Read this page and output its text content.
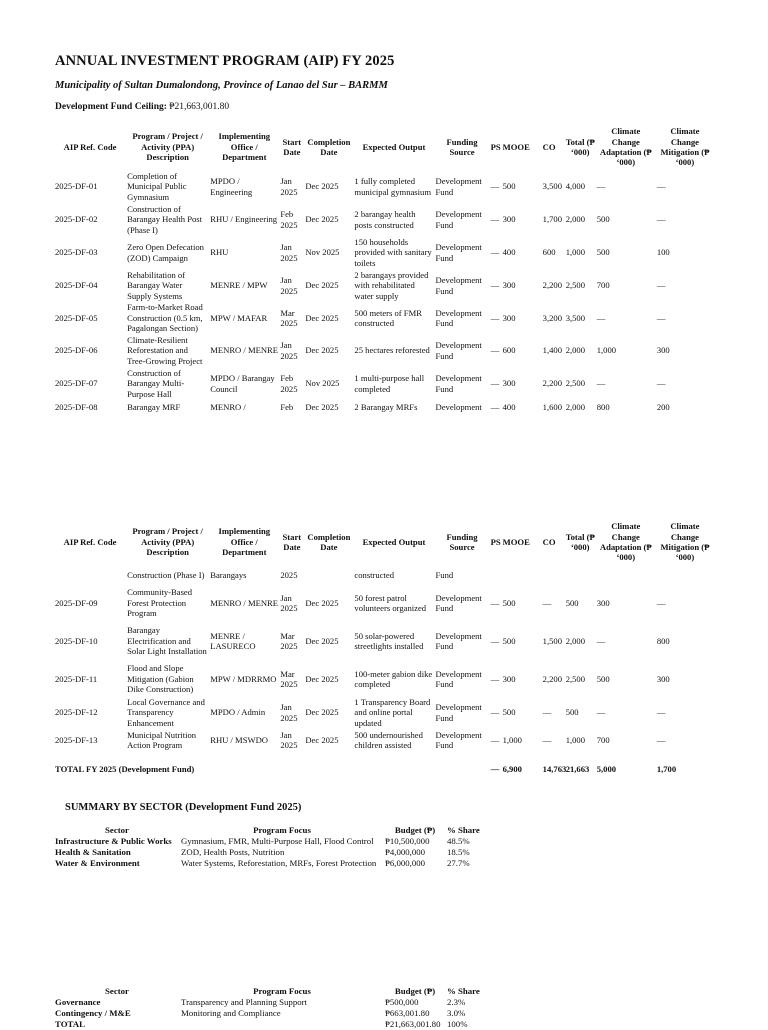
ANNUAL INVESTMENT PROGRAM (AIP) FY 2025

Municipality of Sultan Dumalondong, Province of Lanao del Sur – BARMM

Development Fund Ceiling: ₱21,663,001.80

AIP Ref. Code	Program / Project / Activity (PPA) Description	Implementing Office / Department	Start Date	Completion Date	Expected Output	Funding Source	PS	MOOE	CO	Total (₱ ‘000)	Climate Change Adaptation (₱ ‘000)	Climate Change Mitigation (₱ ‘000)
2025-DF-01	Completion of Municipal Public Gymnasium	MPDO / Engineering	Jan 2025	Dec 2025	1 fully completed municipal gymnasium	Development Fund	—	500	3,500	4,000	—	—
2025-DF-02	Construction of Barangay Health Post (Phase I)	RHU / Engineering	Feb 2025	Dec 2025	2 barangay health posts constructed	Development Fund	—	300	1,700	2,000	500	—
2025-DF-03	Zero Open Defecation (ZOD) Campaign	RHU	Jan 2025	Nov 2025	150 households provided with sanitary toilets	Development Fund	—	400	600	1,000	500	100
2025-DF-04	Rehabilitation of Barangay Water Supply Systems	MENRE / MPW	Jan 2025	Dec 2025	2 barangays provided with rehabilitated water supply	Development Fund	—	300	2,200	2,500	700	—
2025-DF-05	Farm-to-Market Road Construction (0.5 km, Pagalongan Section)	MPW / MAFAR	Mar 2025	Dec 2025	500 meters of FMR constructed	Development Fund	—	300	3,200	3,500	—	—
2025-DF-06	Climate-Resilient Reforestation and Tree-Growing Project	MENRO / MENRE	Jan 2025	Dec 2025	25 hectares reforested	Development Fund	—	600	1,400	2,000	1,000	300
2025-DF-07	Construction of Barangay Multi-Purpose Hall	MPDO / Barangay Council	Feb 2025	Nov 2025	1 multi-purpose hall completed	Development Fund	—	300	2,200	2,500	—	—
2025-DF-08	Barangay MRF	MENRO /	Feb	Dec 2025	2 Barangay MRFs	Development	—	400	1,600	2,000	800	200
AIP Ref. Code	Program / Project / Activity (PPA) Description	Implementing Office / Department	Start Date	Completion Date	Expected Output	Funding Source	PS	MOOE	CO	Total (₱ ‘000)	Climate Change Adaptation (₱ ‘000)	Climate Change Mitigation (₱ ‘000)
	Construction (Phase I)	Barangays	2025		constructed	Fund						
2025-DF-09	Community-Based Forest Protection Program	MENRO / MENRE	Jan 2025	Dec 2025	50 forest patrol volunteers organized	Development Fund	—	500	—	500	300	—
2025-DF-10	Barangay Electrification and Solar Light Installation	MENRE / LASURECO	Mar 2025	Dec 2025	50 solar-powered streetlights installed	Development Fund	—	500	1,500	2,000	—	800
2025-DF-11	Flood and Slope Mitigation (Gabion Dike Construction)	MPW / MDRRMO	Mar 2025	Dec 2025	100-meter gabion dike completed	Development Fund	—	300	2,200	2,500	500	300
2025-DF-12	Local Governance and Transparency Enhancement	MPDO / Admin	Jan 2025	Dec 2025	1 Transparency Board and online portal updated	Development Fund	—	500	—	500	—	—
2025-DF-13	Municipal Nutrition Action Program	RHU / MSWDO	Jan 2025	Dec 2025	500 undernourished children assisted	Development Fund	—	1,000	—	1,000	700	—
TOTAL FY 2025 (Development Fund)							—	6,900	14,763	21,663	5,000	1,700

SUMMARY BY SECTOR (Development Fund 2025)

Sector	Program Focus	Budget (₱)	% Share
Infrastructure & Public Works	Gymnasium, FMR, Multi-Purpose Hall, Flood Control	₱10,500,000	48.5%
Health & Sanitation	ZOD, Health Posts, Nutrition	₱4,000,000	18.5%
Water & Environment	Water Systems, Reforestation, MRFs, Forest Protection	₱6,000,000	27.7%
Sector	Program Focus	Budget (₱)	% Share
Governance	Transparency and Planning Support	₱500,000	2.3%
Contingency / M&E	Monitoring and Compliance	₱663,001.80	3.0%
TOTAL		₱21,663,001.80	100%
